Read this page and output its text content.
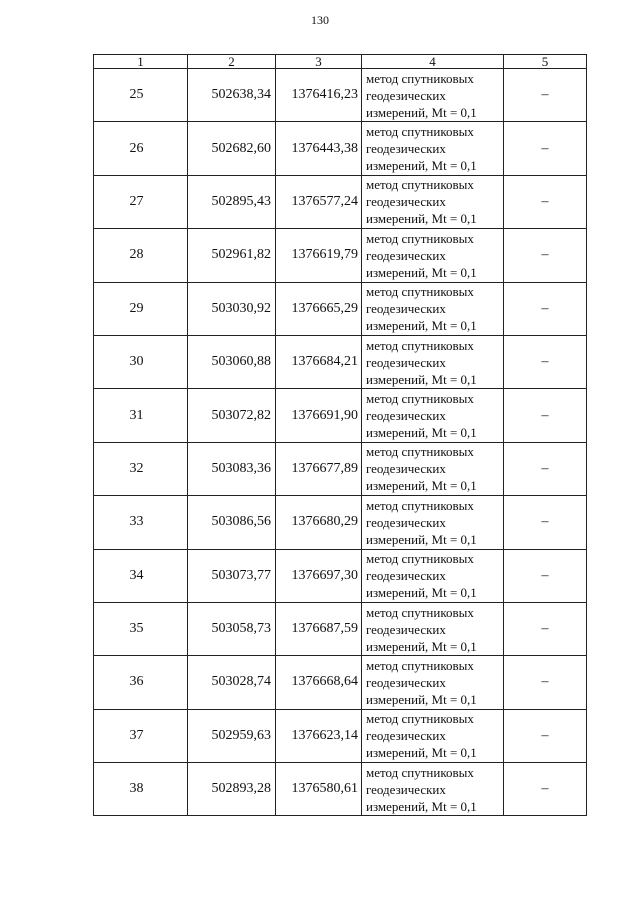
130
1	2	3	4	5
25	502638,34	1376416,23	метод спутниковых
геодезических
измерений, Mt = 0,1	–
26	502682,60	1376443,38	метод спутниковых
геодезических
измерений, Mt = 0,1	–
27	502895,43	1376577,24	метод спутниковых
геодезических
измерений, Mt = 0,1	–
28	502961,82	1376619,79	метод спутниковых
геодезических
измерений, Mt = 0,1	–
29	503030,92	1376665,29	метод спутниковых
геодезических
измерений, Mt = 0,1	–
30	503060,88	1376684,21	метод спутниковых
геодезических
измерений, Mt = 0,1	–
31	503072,82	1376691,90	метод спутниковых
геодезических
измерений, Mt = 0,1	–
32	503083,36	1376677,89	метод спутниковых
геодезических
измерений, Mt = 0,1	–
33	503086,56	1376680,29	метод спутниковых
геодезических
измерений, Mt = 0,1	–
34	503073,77	1376697,30	метод спутниковых
геодезических
измерений, Mt = 0,1	–
35	503058,73	1376687,59	метод спутниковых
геодезических
измерений, Mt = 0,1	–
36	503028,74	1376668,64	метод спутниковых
геодезических
измерений, Mt = 0,1	–
37	502959,63	1376623,14	метод спутниковых
геодезических
измерений, Mt = 0,1	–
38	502893,28	1376580,61	метод спутниковых
геодезических
измерений, Mt = 0,1	–
